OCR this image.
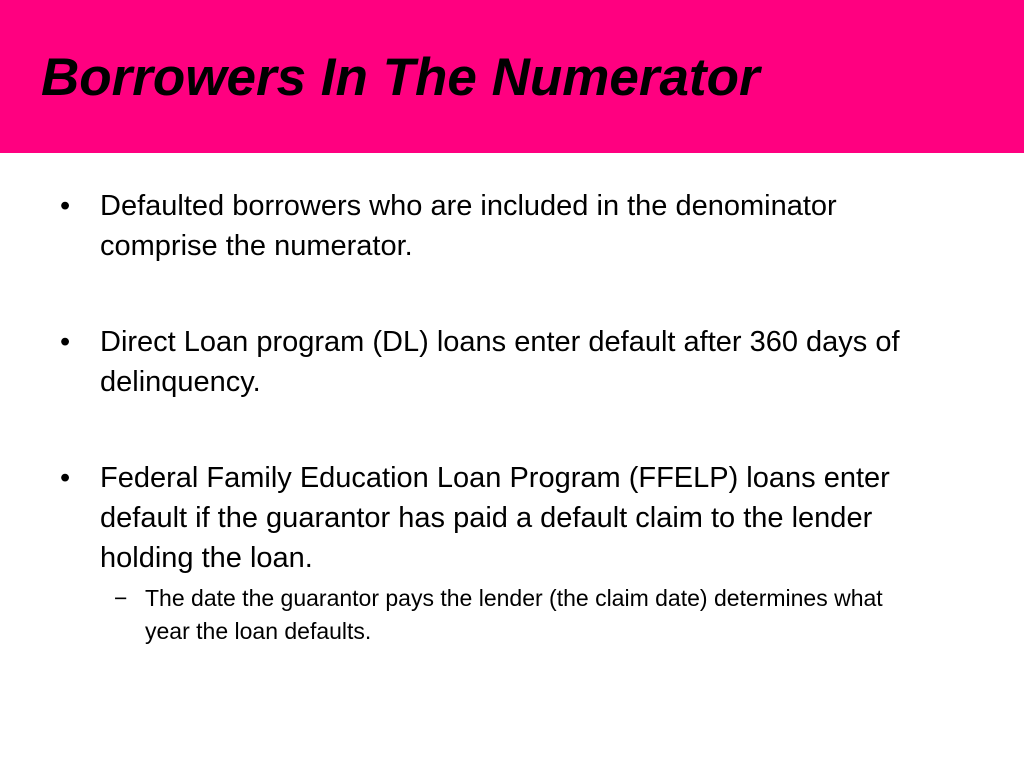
Borrowers In The Numerator

• Defaulted borrowers who are included in the denominator comprise the numerator.

• Direct Loan program (DL) loans enter default after 360 days of delinquency.

• Federal Family Education Loan Program (FFELP) loans enter default if the guarantor has paid a default claim to the lender holding the loan.

− The date the guarantor pays the lender (the claim date) determines what year the loan defaults.
